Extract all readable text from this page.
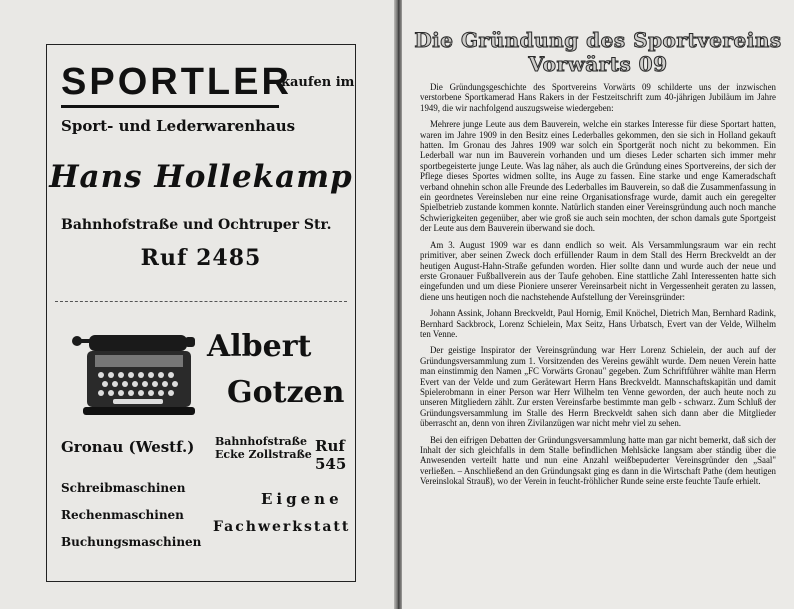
SPORTLER
kaufen im
Sport- und Lederwarenhaus
Hans Hollekamp
Bahnhofstraße und Ochtruper Str.
Ruf 2485
Albert
Gotzen
Gronau (Westf.) Bahnhofstraße
Ecke Zollstraße Ruf 545
Schreibmaschinen
Rechenmaschinen
Buchungsmaschinen
Eigene
Fachwerkstatt
Die Gründung des Sportvereins
Vorwärts 09

Die Gründungsgeschichte des Sportvereins Vorwärts 09 schilderte uns der inzwischen verstorbene Sportkamerad Hans Rakers in der Festzeitschrift zum 40-jährigen Jubiläum im Jahre 1949, die wir nachfolgend auszugsweise wiedergeben:

Mehrere junge Leute aus dem Bauverein, welche ein starkes Interesse für diese Sportart hatten, waren im Jahre 1909 in den Besitz eines Lederballes gekommen, den sie sich in Holland gekauft hatten. Im Gronau des Jahres 1909 war solch ein Sportgerät noch nicht zu bekommen. Ein Lederball war nun im Bauverein vorhanden und um dieses Leder scharten sich immer mehr sportbegeisterte junge Leute. Was lag näher, als auch die Gründung eines Sportvereins, der sich der Pflege dieses Sportes widmen sollte, ins Auge zu fassen. Eine starke und enge Kameradschaft verband ohnehin schon alle Freunde des Lederballes im Bauverein, so daß die Zusammenfassung in ein geordnetes Vereinsleben nur eine reine Organisationsfrage wurde, damit auch ein geregelter Spielbetrieb zustande kommen konnte. Natürlich standen einer Vereinsgründung auch noch manche Schwierigkeiten gegenüber, aber wie groß sie auch sein mochten, der schon damals gute Sportgeist der Leute aus dem Bauverein überwand sie doch.

Am 3. August 1909 war es dann endlich so weit. Als Versammlungsraum war ein recht primitiver, aber seinen Zweck doch erfüllender Raum in dem Stall des Herrn Breckveldt an der heutigen August-Hahn-Straße gefunden worden. Hier sollte dann und wurde auch der neue und erste Gronauer Fußballverein aus der Taufe gehoben. Eine stattliche Zahl Interessenten hatte sich eingefunden und um diese Pioniere unserer Vereinsarbeit nicht in Vergessenheit geraten zu lassen, diene uns heutigen noch die nachstehende Aufstellung der Vereinsgründer:

Johann Assink, Johann Breckveldt, Paul Hornig, Emil Knöchel, Dietrich Man, Bernhard Radink, Bernhard Sackbrock, Lorenz Schielein, Max Seitz, Hans Urbatsch, Evert van der Velde, Wilhelm ten Venne.

Der geistige Inspirator der Vereinsgründung war Herr Lorenz Schielein, der auch auf der Gründungsversammlung zum 1. Vorsitzenden des Vereins gewählt wurde. Dem neuen Verein hatte man einstimmig den Namen „FC Vorwärts Gronau" gegeben. Zum Schriftführer wählte man Herrn Evert van der Velde und zum Gerätewart Herrn Hans Breckveldt. Mannschaftskapitän und damit Spielerobmann in einer Person war Herr Wilhelm ten Venne geworden, der auch heute noch zu unseren Mitgliedern zählt. Zur ersten Vereinsfarbe bestimmte man gelb - schwarz. Zum Schluß der Gründungsversammlung im Stalle des Herrn Breckveldt sahen sich dann aber die Mitglieder überrascht an, denn von ihren Zivilanzügen war nicht mehr viel zu sehen.

Bei den eifrigen Debatten der Gründungsversammlung hatte man gar nicht bemerkt, daß sich der Inhalt der sich gleichfalls in dem Stalle befindlichen Mehlsäcke langsam aber ständig über die Anwesenden verteilt hatte und nun eine Anzahl weißbepuderter Vereinsgründer den „Saal" verließen. – Anschließend an den Gründungsakt ging es dann in die Wirtschaft Pathe (dem heutigen Vereinslokal Strauß), wo der Verein in feucht-fröhlicher Runde seine erste feuchte Taufe erhielt.
